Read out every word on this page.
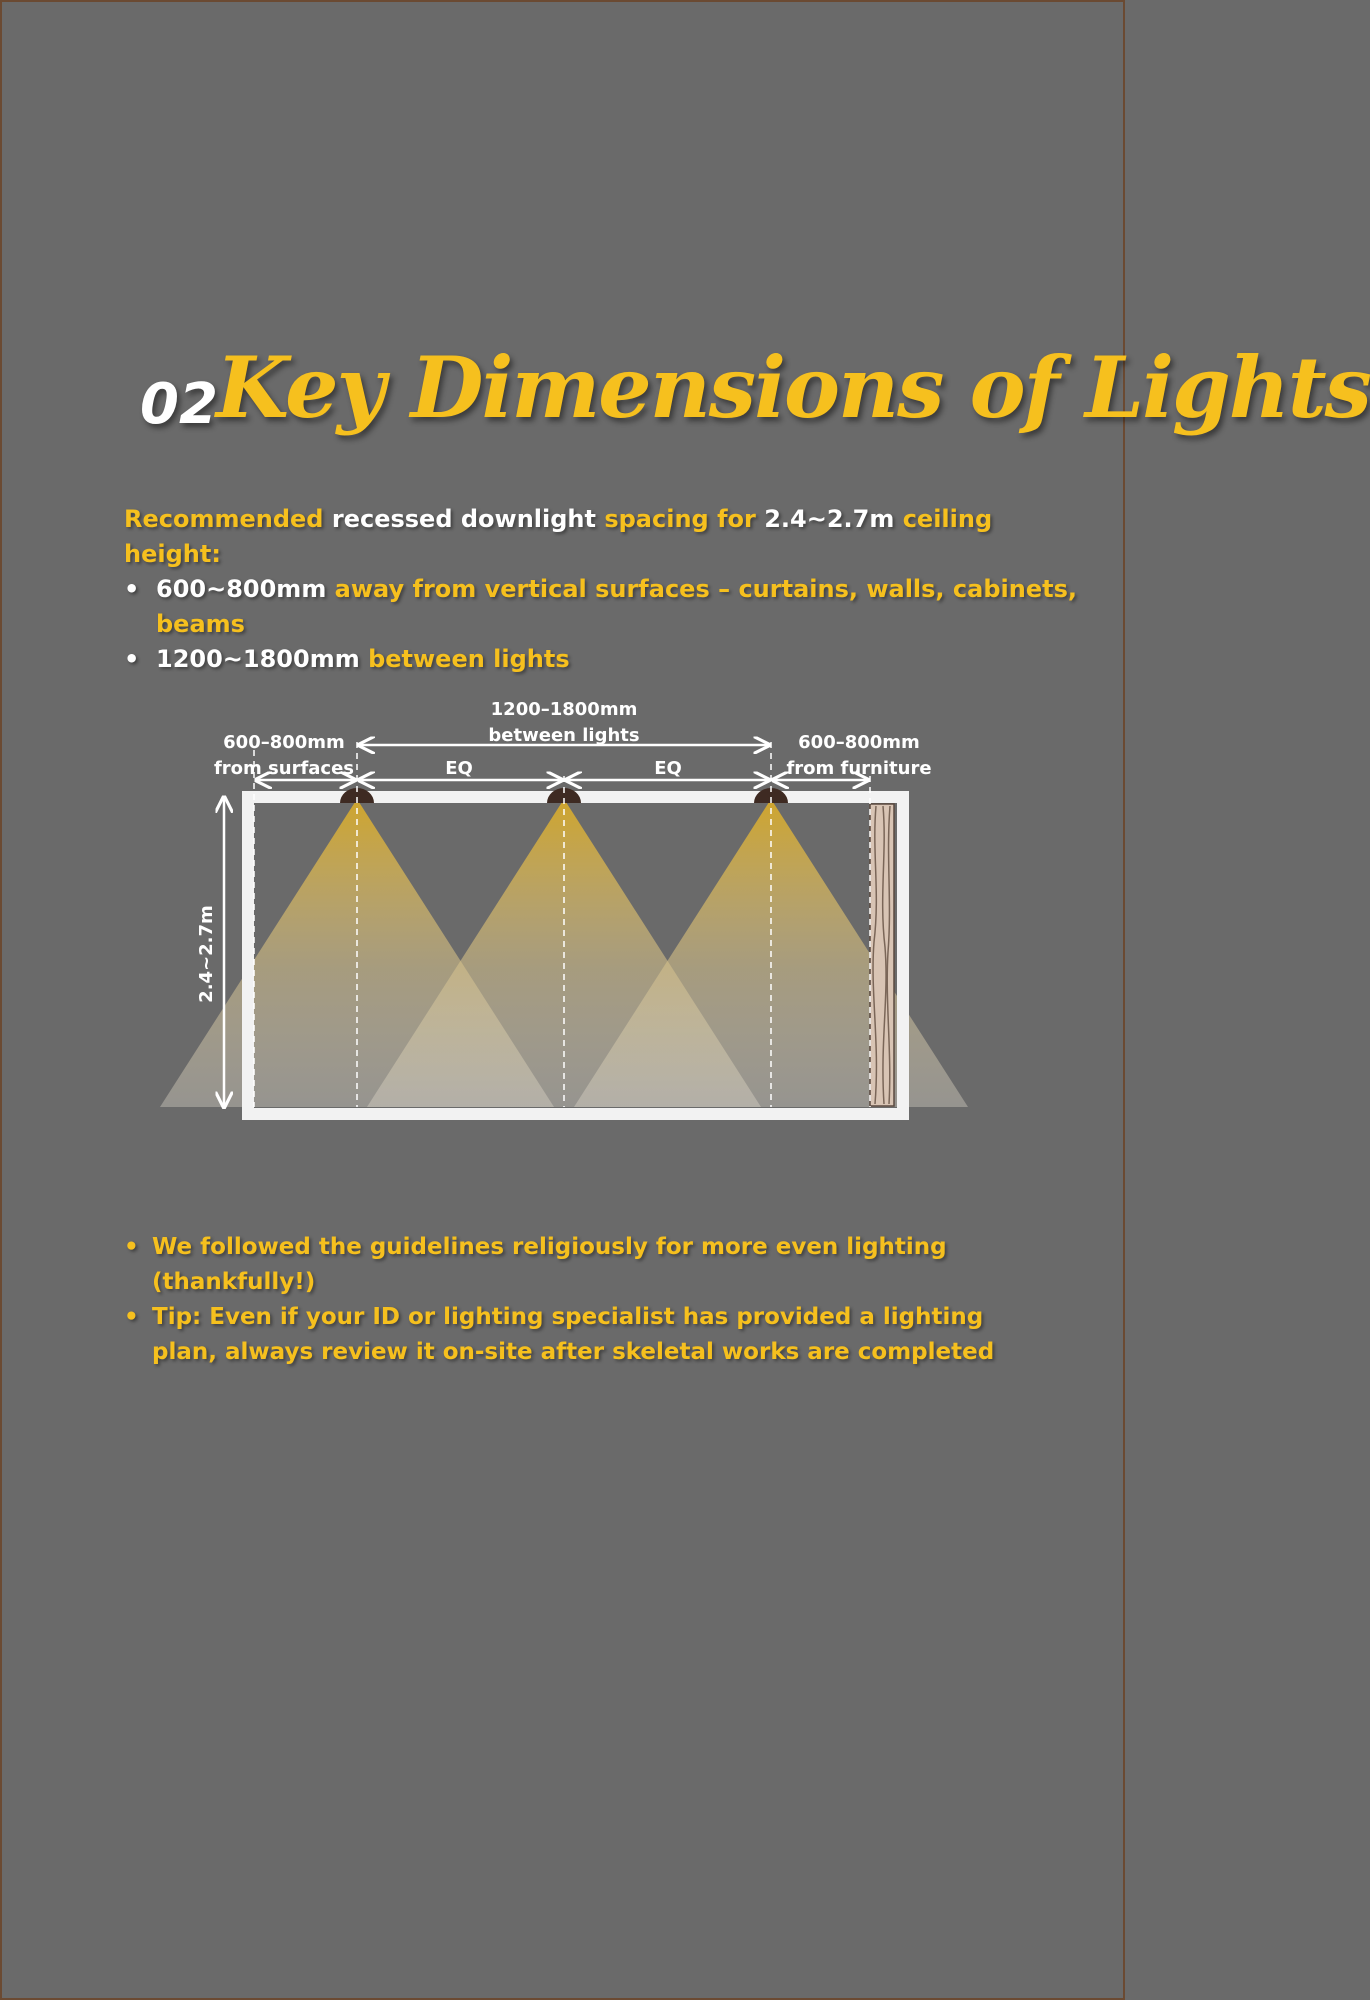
02
Key Dimensions of Lights
Recommended recessed downlight spacing for 2.4~2.7m ceiling height:
• 600~800mm away from vertical surfaces – curtains, walls, cabinets, beams
• 1200~1800mm between lights
1200–1800mm
between lights
600–800mm
from surfaces
600–800mm
from furniture
EQ	EQ
2.4~2.7m
• We followed the guidelines religiously for more even lighting (thankfully!)
• Tip: Even if your ID or lighting specialist has provided a lighting plan, always review it on-site after skeletal works are completed
